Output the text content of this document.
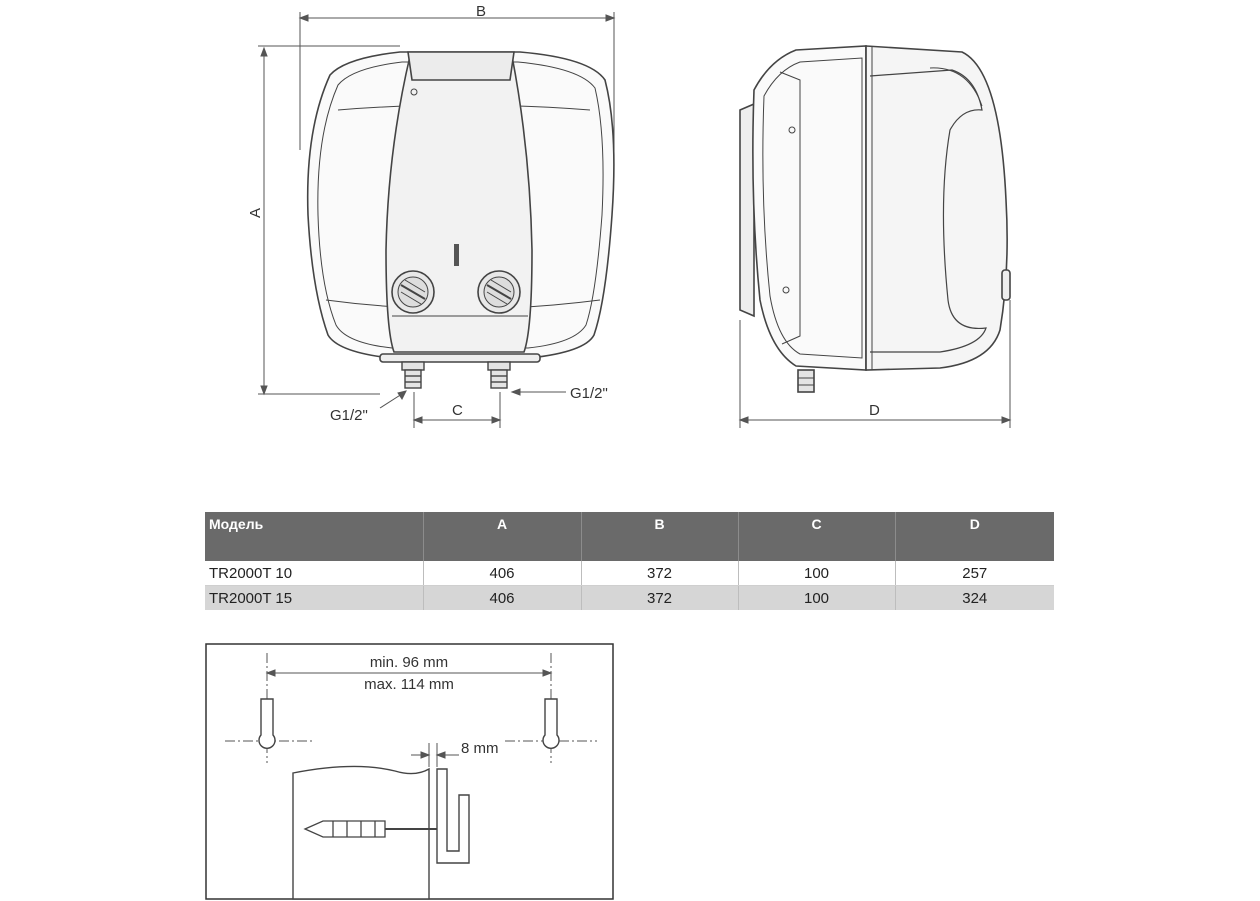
B
A
C
G1/2"
G1/2"
D
Модель	A	B	C	D
TR2000T 10	406	372	100	257
TR2000T 15	406	372	100	324
min. 96 mm
max. 114 mm
8 mm
